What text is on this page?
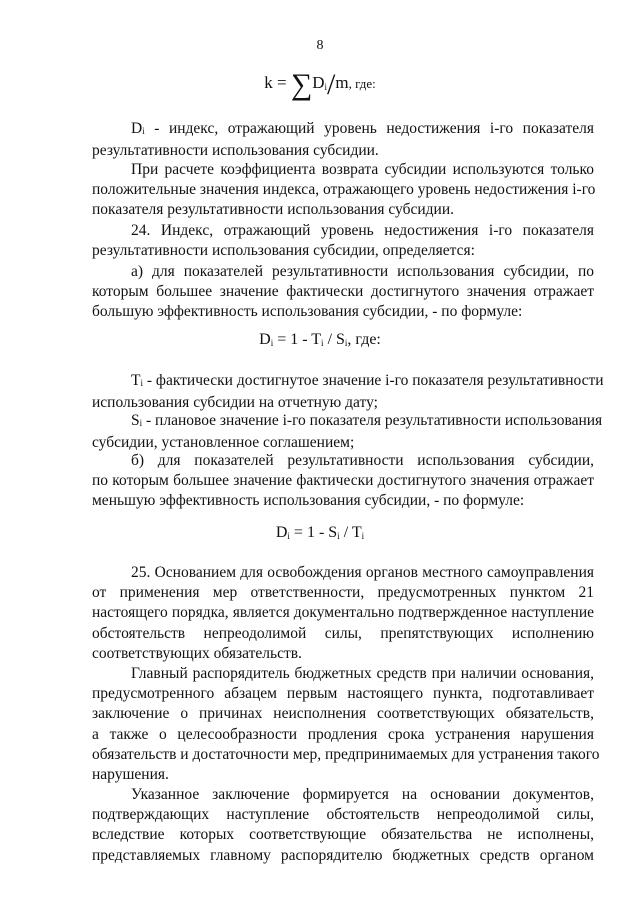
8
$k = \sum D_i/m$, где:

$D_i$ - индекс, отражающий уровень недостижения i-го показателя
результативности использования субсидии.

При расчете коэффициента возврата субсидии используются только
положительные значения индекса, отражающего уровень недостижения i-го
показателя результативности использования субсидии.

24. Индекс, отражающий уровень недостижения i-го показателя
результативности использования субсидии, определяется:

а) для показателей результативности использования субсидии, по
которым большее значение фактически достигнутого значения отражает
большую эффективность использования субсидии, - по формуле:

$D_i = 1 - T_i / S_i$, где:

$T_i$ - фактически достигнутое значение i-го показателя результативности
использования субсидии на отчетную дату;

$S_i$ - плановое значение i-го показателя результативности использования
субсидии, установленное соглашением;

б) для показателей результативности использования субсидии,
по которым большее значение фактически достигнутого значения отражает
меньшую эффективность использования субсидии, - по формуле:

$D_i = 1 - S_i / T_i$

25. Основанием для освобождения органов местного самоуправления
от применения мер ответственности, предусмотренных пунктом 21
настоящего порядка, является документально подтвержденное наступление
обстоятельств непреодолимой силы, препятствующих исполнению
соответствующих обязательств.

Главный распорядитель бюджетных средств при наличии основания,
предусмотренного абзацем первым настоящего пункта, подготавливает
заключение о причинах неисполнения соответствующих обязательств,
а также о целесообразности продления срока устранения нарушения
обязательств и достаточности мер, предпринимаемых для устранения такого
нарушения.

Указанное заключение формируется на основании документов,
подтверждающих наступление обстоятельств непреодолимой силы,
вследствие которых соответствующие обязательства не исполнены,
представляемых главному распорядителю бюджетных средств органом
